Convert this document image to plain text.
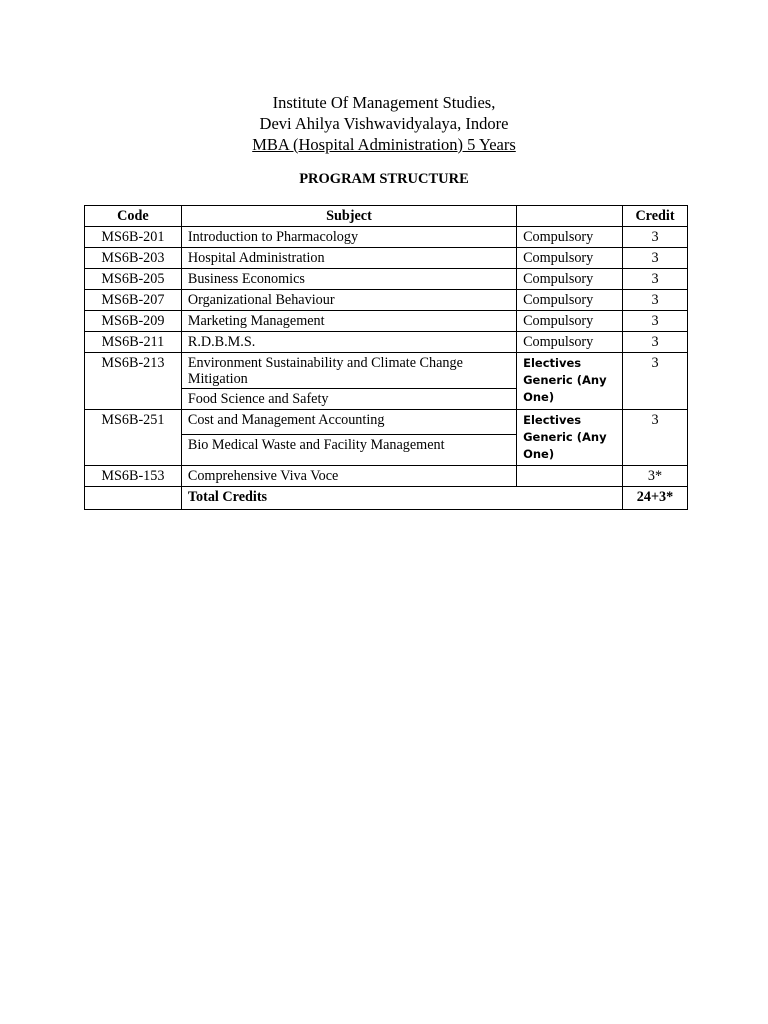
Institute Of Management Studies,
Devi Ahilya Vishwavidyalaya, Indore
MBA (Hospital Administration) 5 Years
PROGRAM STRUCTURE
Code	Subject		Credit
MS6B-201	Introduction to Pharmacology	Compulsory	3
MS6B-203	Hospital Administration	Compulsory	3
MS6B-205	Business Economics	Compulsory	3
MS6B-207	Organizational Behaviour	Compulsory	3
MS6B-209	Marketing Management	Compulsory	3
MS6B-211	R.D.B.M.S.	Compulsory	3
MS6B-213	Environment Sustainability and Climate Change Mitigation	Electives Generic (Any One)	3
	Food Science and Safety		
MS6B-251	Cost and Management Accounting	Electives Generic (Any One)	3
	Bio Medical Waste and Facility Management		
MS6B-153	Comprehensive Viva Voce		3*
	Total Credits		24+3*
